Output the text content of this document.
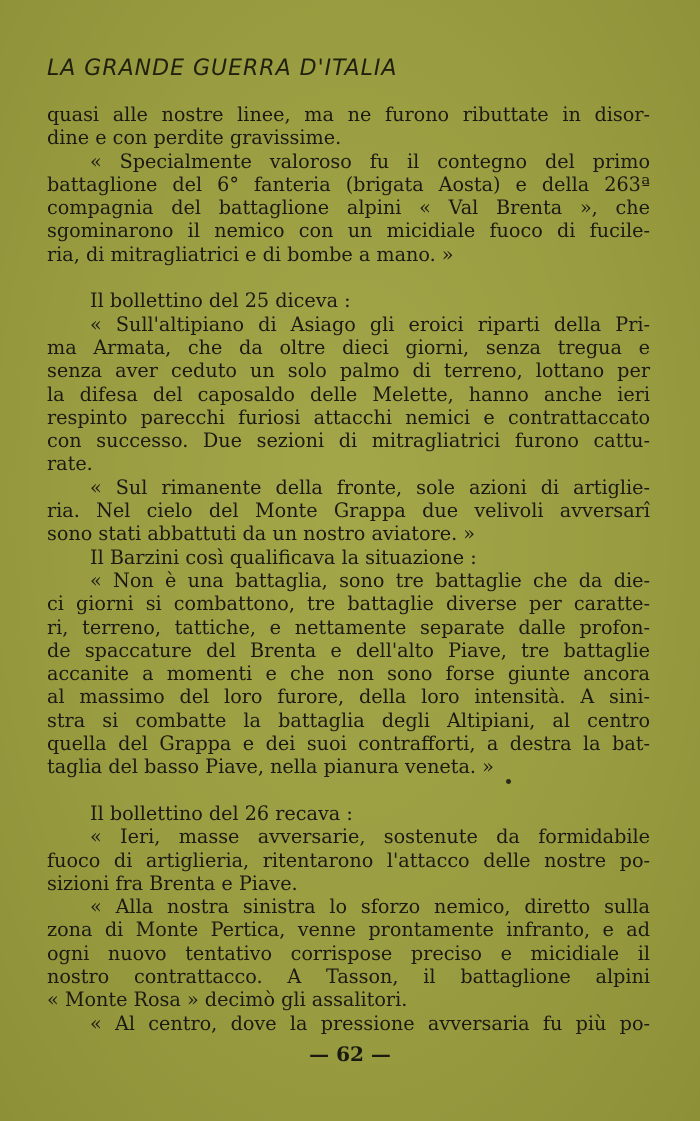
LA GRANDE GUERRA D'ITALIA
quasi alle nostre linee, ma ne furono ributtate in disor-
dine e con perdite gravissime.
« Specialmente valoroso fu il contegno del primo
battaglione del 6° fanteria (brigata Aosta) e della 263ª
compagnia del battaglione alpini « Val Brenta », che
sgominarono il nemico con un micidiale fuoco di fucile-
ria, di mitragliatrici e di bombe a mano. »
Il bollettino del 25 diceva :
« Sull'altipiano di Asiago gli eroici riparti della Pri-
ma Armata, che da oltre dieci giorni, senza tregua e
senza aver ceduto un solo palmo di terreno, lottano per
la difesa del caposaldo delle Melette, hanno anche ieri
respinto parecchi furiosi attacchi nemici e contrattaccato
con successo. Due sezioni di mitragliatrici furono cattu-
rate.
« Sul rimanente della fronte, sole azioni di artiglie-
ria. Nel cielo del Monte Grappa due velivoli avversarî
sono stati abbattuti da un nostro aviatore. »
Il Barzini così qualificava la situazione :
« Non è una battaglia, sono tre battaglie che da die-
ci giorni si combattono, tre battaglie diverse per caratte-
ri, terreno, tattiche, e nettamente separate dalle profon-
de spaccature del Brenta e dell'alto Piave, tre battaglie
accanite a momenti e che non sono forse giunte ancora
al massimo del loro furore, della loro intensità. A sini-
stra si combatte la battaglia degli Altipiani, al centro
quella del Grappa e dei suoi contrafforti, a destra la bat-
taglia del basso Piave, nella pianura veneta. »
Il bollettino del 26 recava :
« Ieri, masse avversarie, sostenute da formidabile
fuoco di artiglieria, ritentarono l'attacco delle nostre po-
sizioni fra Brenta e Piave.
« Alla nostra sinistra lo sforzo nemico, diretto sulla
zona di Monte Pertica, venne prontamente infranto, e ad
ogni nuovo tentativo corrispose preciso e micidiale il
nostro contrattacco. A Tasson, il battaglione alpini
« Monte Rosa » decimò gli assalitori.
« Al centro, dove la pressione avversaria fu più po-
— 62 —
